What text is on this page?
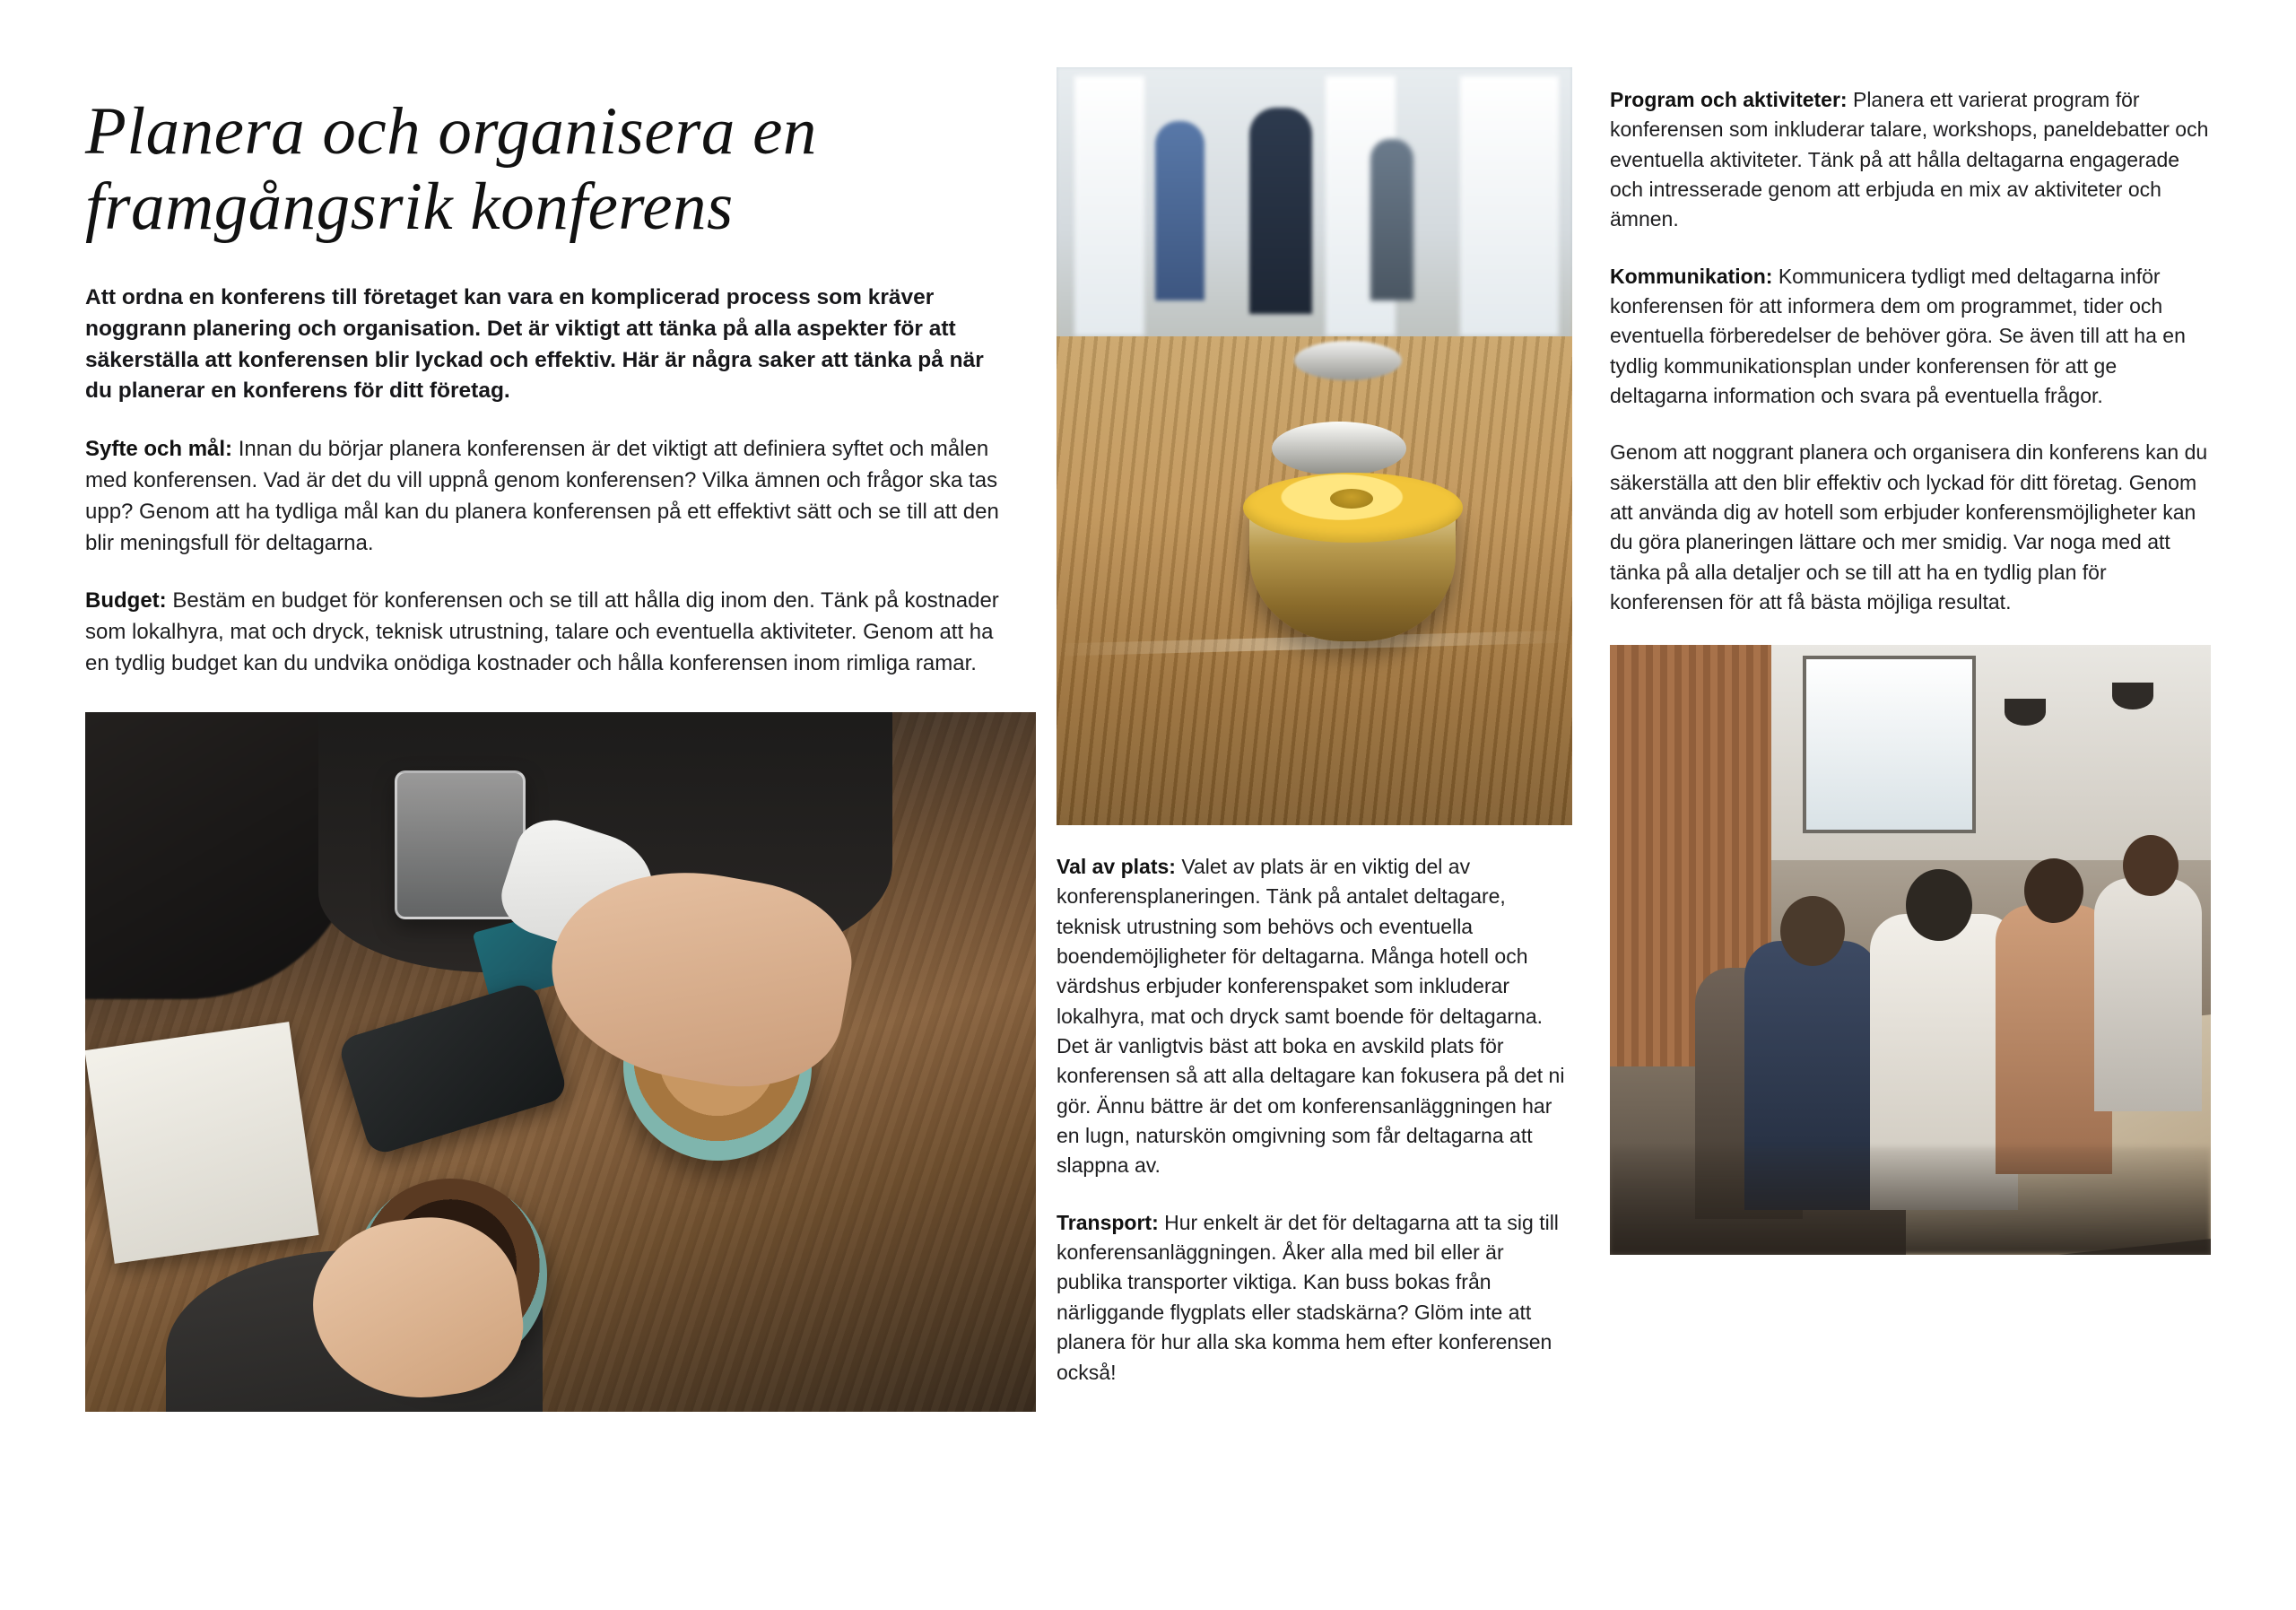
Planera och organisera en framgångsrik konferens

Att ordna en konferens till företaget kan vara en komplicerad process som kräver noggrann planering och organisation. Det är viktigt att tänka på alla aspekter för att säkerställa att konferensen blir lyckad och effektiv. Här är några saker att tänka på när du planerar en konferens för ditt företag.

Syfte och mål: Innan du börjar planera konferensen är det viktigt att definiera syftet och målen med konferensen. Vad är det du vill uppnå genom konferensen? Vilka ämnen och frågor ska tas upp? Genom att ha tydliga mål kan du planera konferensen på ett effektivt sätt och se till att den blir meningsfull för deltagarna.

Budget: Bestäm en budget för konferensen och se till att hålla dig inom den. Tänk på kostnader som lokalhyra, mat och dryck, teknisk utrustning, talare och eventuella aktiviteter. Genom att ha en tydlig budget kan du undvika onödiga kostnader och hålla konferensen inom rimliga ramar.

Val av plats: Valet av plats är en viktig del av konferensplaneringen. Tänk på antalet deltagare, teknisk utrustning som behövs och eventuella boendemöjligheter för deltagarna. Många hotell och värdshus erbjuder konferenspaket som inkluderar lokalhyra, mat och dryck samt boende för deltagarna. Det är vanligtvis bäst att boka en avskild plats för konferensen så att alla deltagare kan fokusera på det ni gör. Ännu bättre är det om konferensanläggningen har en lugn, naturskön omgivning som får deltagarna att slappna av.

Transport: Hur enkelt är det för deltagarna att ta sig till konferensanläggningen. Åker alla med bil eller är publika transporter viktiga. Kan buss bokas från närliggande flygplats eller stadskärna? Glöm inte att planera för hur alla ska komma hem efter konferensen också!

Program och aktiviteter: Planera ett varierat program för konferensen som inkluderar talare, workshops, paneldebatter och eventuella aktiviteter. Tänk på att hålla deltagarna engagerade och intresserade genom att erbjuda en mix av aktiviteter och ämnen.

Kommunikation: Kommunicera tydligt med deltagarna inför konferensen för att informera dem om programmet, tider och eventuella förberedelser de behöver göra. Se även till att ha en tydlig kommunikationsplan under konferensen för att ge deltagarna information och svara på eventuella frågor.

Genom att noggrant planera och organisera din konferens kan du säkerställa att den blir effektiv och lyckad för ditt företag. Genom att använda dig av hotell som erbjuder konferensmöjligheter kan du göra planeringen lättare och mer smidig. Var noga med att tänka på alla detaljer och se till att ha en tydlig plan för konferensen för att få bästa möjliga resultat.
